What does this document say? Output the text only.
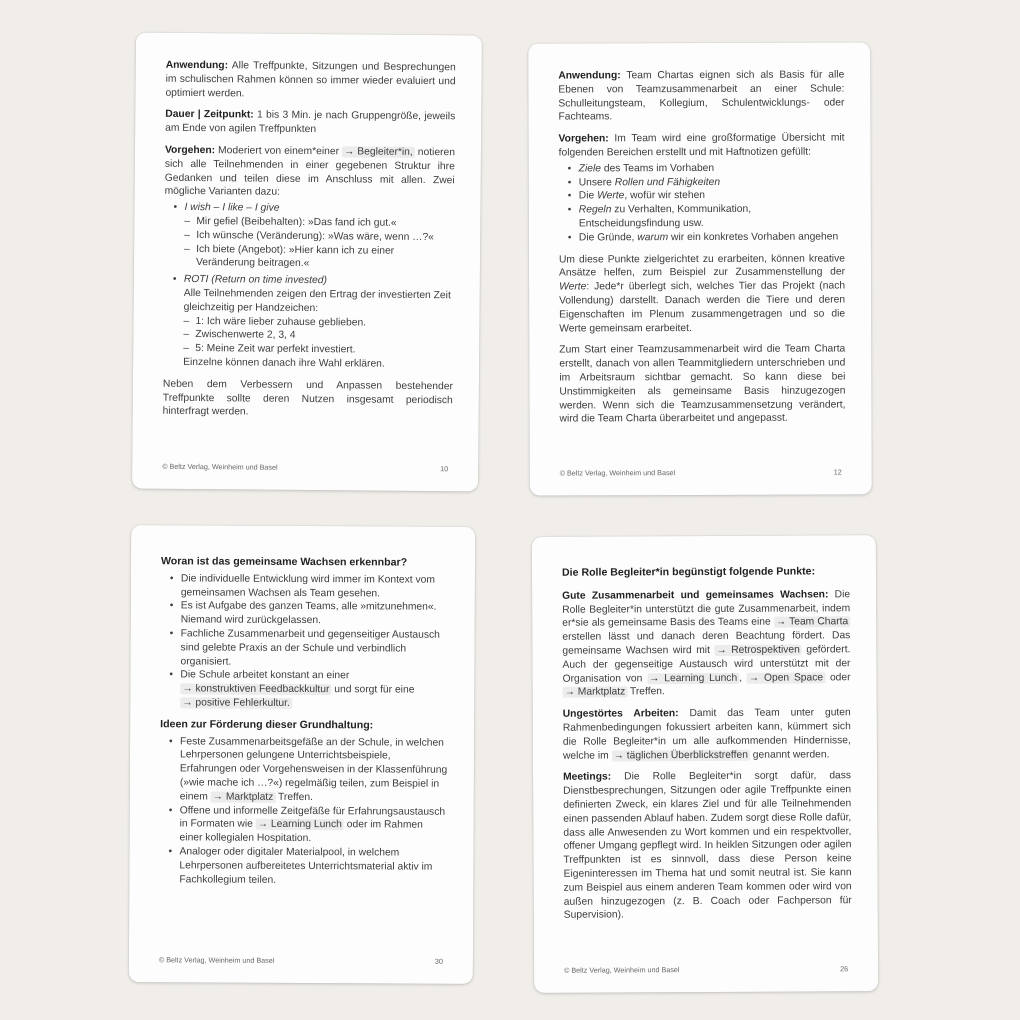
Anwendung: Alle Treffpunkte, Sitzungen und Besprechungen im schulischen Rahmen können so immer wieder evaluiert und optimiert werden.

Dauer | Zeitpunkt: 1 bis 3 Min. je nach Gruppengröße, jeweils am Ende von agilen Treffpunkten

Vorgehen: Moderiert von einem*einer → Begleiter*in, notieren sich alle Teilnehmenden in einer gegebenen Struktur ihre Gedanken und teilen diese im Anschluss mit allen. Zwei mögliche Varianten dazu:

• I wish – I like – I give
– Mir gefiel (Beibehalten): »Das fand ich gut.«
– Ich wünsche (Veränderung): »Was wäre, wenn …?«
– Ich biete (Angebot): »Hier kann ich zu einer Veränderung beitragen.«
• ROTI (Return on time invested)
Alle Teilnehmenden zeigen den Ertrag der investierten Zeit gleichzeitig per Handzeichen:
– 1: Ich wäre lieber zuhause geblieben.
– Zwischenwerte 2, 3, 4
– 5: Meine Zeit war perfekt investiert.
Einzelne können danach ihre Wahl erklären.

Neben dem Verbessern und Anpassen bestehender Treffpunkte sollte deren Nutzen insgesamt periodisch hinterfragt werden.

© Beltz Verlag, Weinheim und Basel	10

Anwendung: Team Chartas eignen sich als Basis für alle Ebenen von Teamzusammenarbeit an einer Schule: Schulleitungsteam, Kollegium, Schulentwicklungs- oder Fachteams.

Vorgehen: Im Team wird eine großformatige Übersicht mit folgenden Bereichen erstellt und mit Haftnotizen gefüllt:

• Ziele des Teams im Vorhaben
• Unsere Rollen und Fähigkeiten
• Die Werte, wofür wir stehen
• Regeln zu Verhalten, Kommunikation, Entscheidungsfindung usw.
• Die Gründe, warum wir ein konkretes Vorhaben angehen

Um diese Punkte zielgerichtet zu erarbeiten, können kreative Ansätze helfen, zum Beispiel zur Zusammenstellung der Werte: Jede*r überlegt sich, welches Tier das Projekt (nach Vollendung) darstellt. Danach werden die Tiere und deren Eigenschaften im Plenum zusammengetragen und so die Werte gemeinsam erarbeitet.

Zum Start einer Teamzusammenarbeit wird die Team Charta erstellt, danach von allen Teammitgliedern unterschrieben und im Arbeitsraum sichtbar gemacht. So kann diese bei Unstimmigkeiten als gemeinsame Basis hinzugezogen werden. Wenn sich die Teamzusammensetzung verändert, wird die Team Charta überarbeitet und angepasst.

© Beltz Verlag, Weinheim und Basel	12
Woran ist das gemeinsame Wachsen erkennbar?
• Die individuelle Entwicklung wird immer im Kontext vom gemeinsamen Wachsen als Team gesehen.
• Es ist Aufgabe des ganzen Teams, alle »mitzunehmen«. Niemand wird zurückgelassen.
• Fachliche Zusammenarbeit und gegenseitiger Austausch sind gelebte Praxis an der Schule und verbindlich organisiert.
• Die Schule arbeitet konstant an einer → konstruktiven Feedbackkultur und sorgt für eine → positive Fehlerkultur.
Ideen zur Förderung dieser Grundhaltung:
• Feste Zusammenarbeitsgefäße an der Schule, in welchen Lehrpersonen gelungene Unterrichtsbeispiele, Erfahrungen oder Vorgehensweisen in der Klassenführung (»wie mache ich …?«) regelmäßig teilen, zum Beispiel in einem → Marktplatz Treffen.
• Offene und informelle Zeitgefäße für Erfahrungsaustausch in Formaten wie → Learning Lunch oder im Rahmen einer kollegialen Hospitation.
• Analoger oder digitaler Materialpool, in welchem Lehrpersonen aufbereitetes Unterrichtsmaterial aktiv im Fachkollegium teilen.
© Beltz Verlag, Weinheim und Basel	30
Die Rolle Begleiter*in begünstigt folgende Punkte:

Gute Zusammenarbeit und gemeinsames Wachsen: Die Rolle Begleiter*in unterstützt die gute Zusammenarbeit, indem er*sie als gemeinsame Basis des Teams eine → Team Charta erstellen lässt und danach deren Beachtung fördert. Das gemeinsame Wachsen wird mit → Retrospektiven gefördert. Auch der gegenseitige Austausch wird unterstützt mit der Organisation von → Learning Lunch , → Open Space oder → Marktplatz Treffen.

Ungestörtes Arbeiten: Damit das Team unter guten Rahmenbedingungen fokussiert arbeiten kann, kümmert sich die Rolle Begleiter*in um alle aufkommenden Hindernisse, welche im → täglichen Überblickstreffen genannt werden.

Meetings: Die Rolle Begleiter*in sorgt dafür, dass Dienstbesprechungen, Sitzungen oder agile Treffpunkte einen definierten Zweck, ein klares Ziel und für alle Teilnehmenden einen passenden Ablauf haben. Zudem sorgt diese Rolle dafür, dass alle Anwesenden zu Wort kommen und ein respektvoller, offener Umgang gepflegt wird. In heiklen Sitzungen oder agilen Treffpunkten ist es sinnvoll, dass diese Person keine Eigeninteressen im Thema hat und somit neutral ist. Sie kann zum Beispiel aus einem anderen Team kommen oder wird von außen hinzugezogen (z. B. Coach oder Fachperson für Supervision).

© Beltz Verlag, Weinheim und Basel	26
